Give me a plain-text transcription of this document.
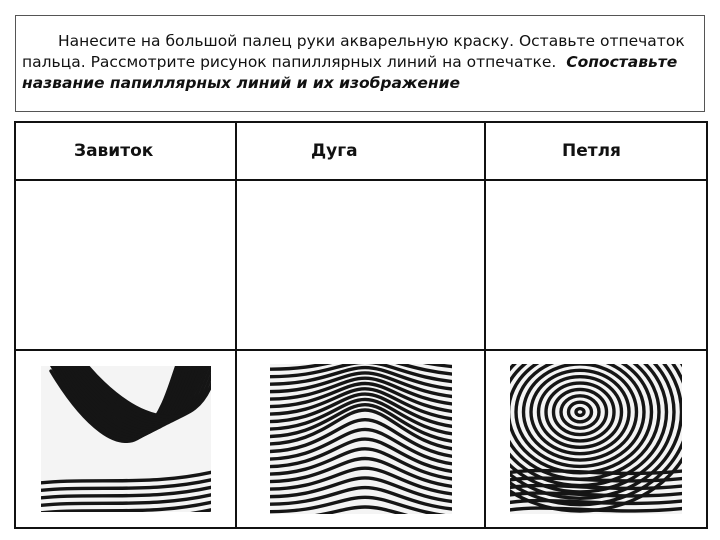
Нанесите на большой палец руки акварельную краску. Оставьте отпечаток пальца. Рассмотрите рисунок папиллярных линий на отпечатке. Сопоставьте название папиллярных линий и их изображение
Завиток	Дуга	Петля
